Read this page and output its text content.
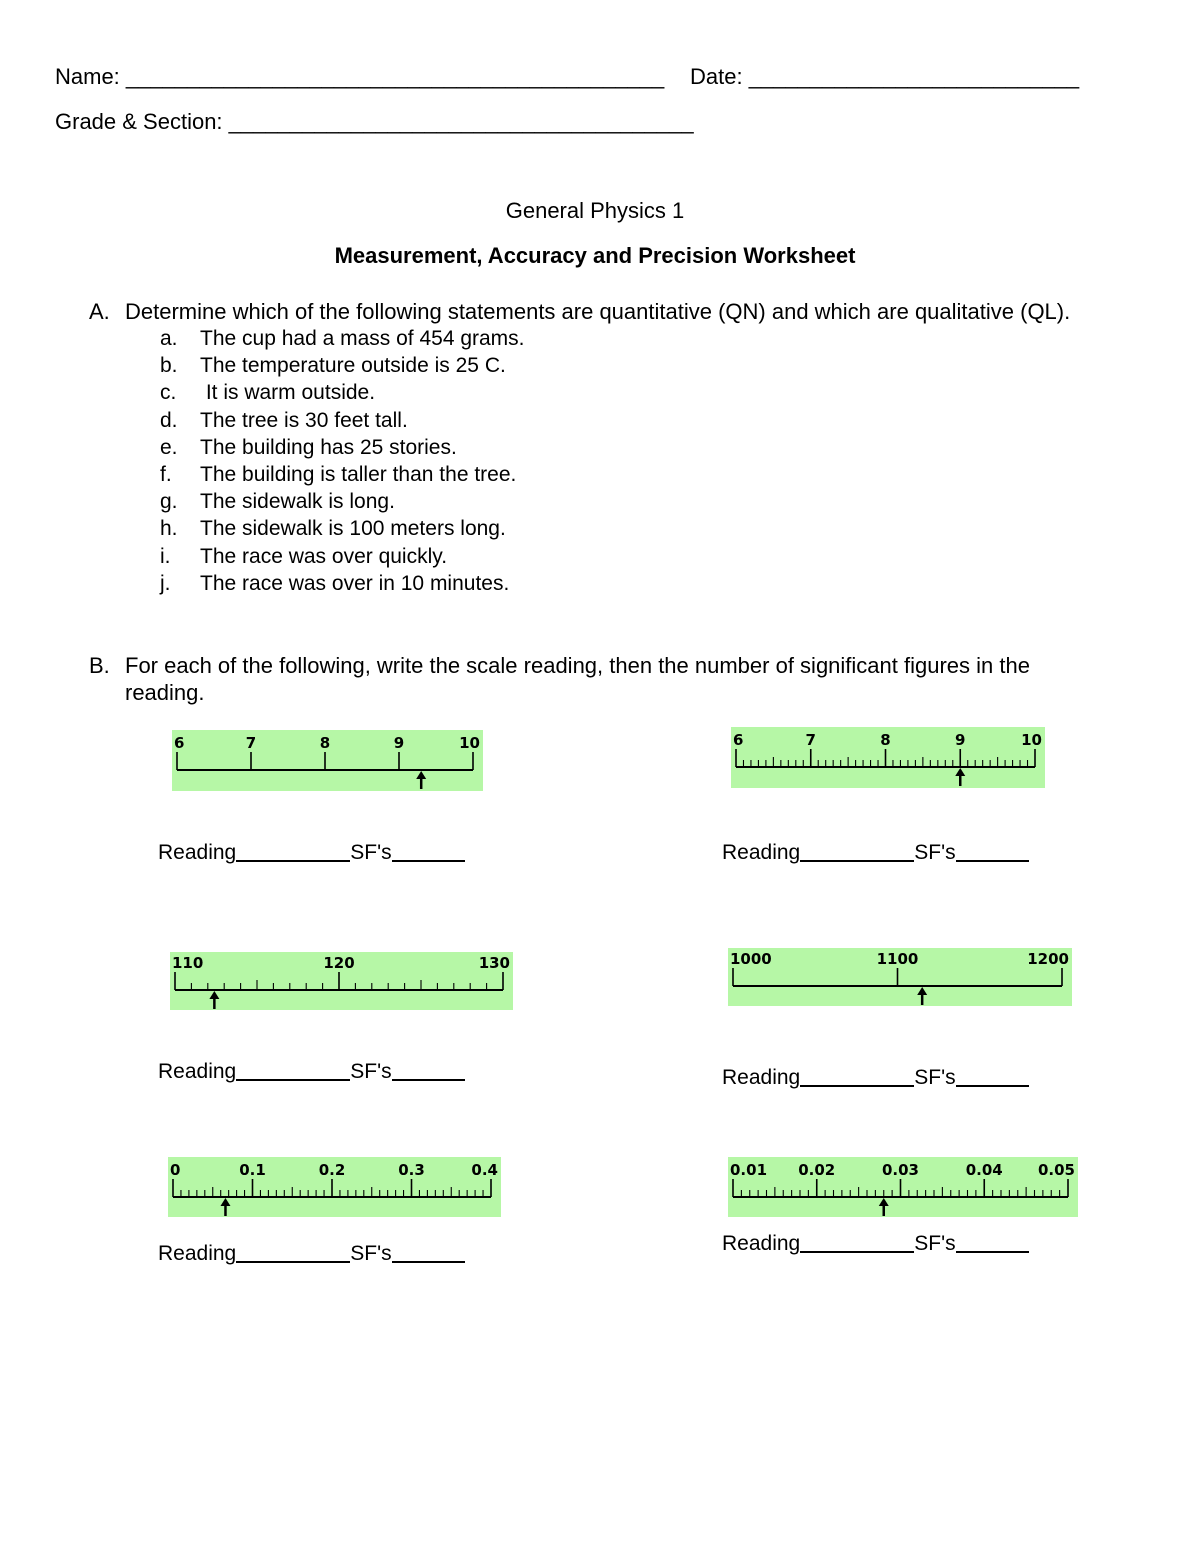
Name: ____________________________________________ Date: ___________________________
Grade & Section: ______________________________________
General Physics 1
Measurement, Accuracy and Precision Worksheet
A. Determine which of the following statements are quantitative (QN) and which are qualitative (QL).
a. The cup had a mass of 454 grams.
b. The temperature outside is 25 C.
c. It is warm outside.
d. The tree is 30 feet tall.
e. The building has 25 stories.
f. The building is taller than the tree.
g. The sidewalk is long.
h. The sidewalk is 100 meters long.
i. The race was over quickly.
j. The race was over in 10 minutes.
B. For each of the following, write the scale reading, then the number of significant figures in the
reading.
6	7	8	9	10	6	7	8	9	10
110	120	130	1000	1100	1200
0	0.1	0.2	0.3	0.4	0.01 0.02	0.03	0.04 0.05
Reading	SF's	Reading	SF's
Reading	SF's	Reading	SF's
Reading	SF's	Reading	SF's
